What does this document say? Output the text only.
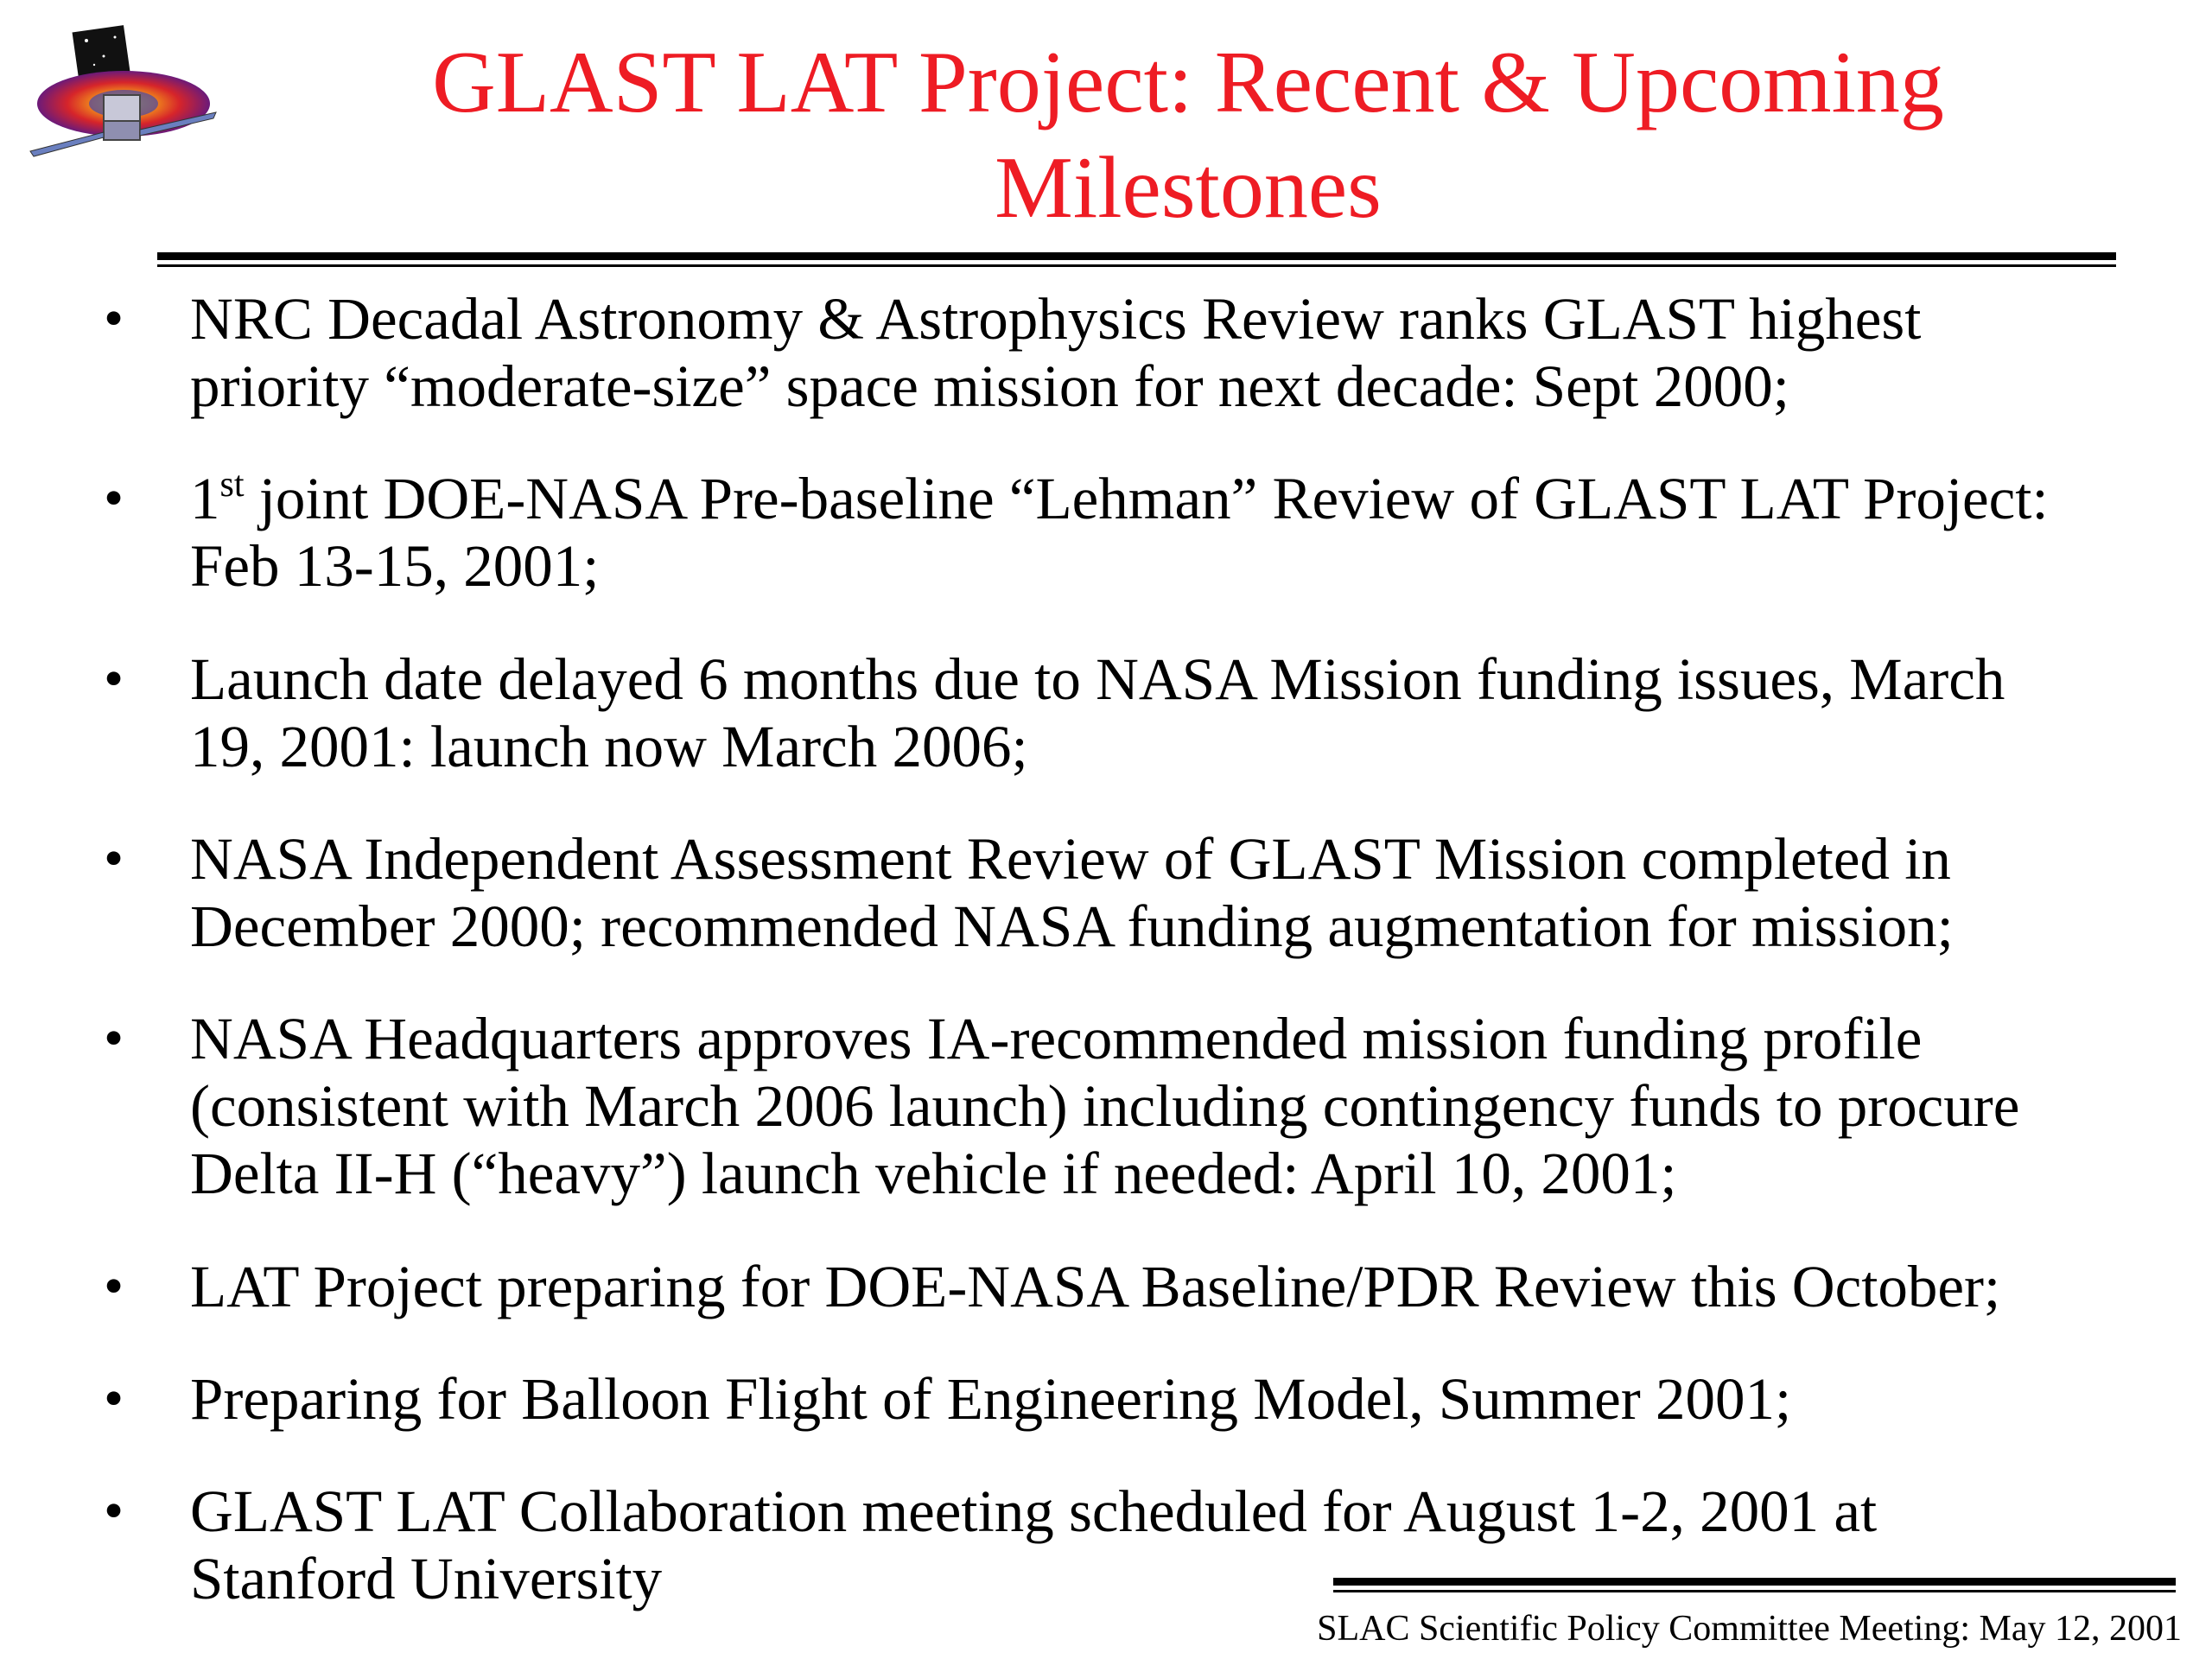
GLAST LAT Project: Recent & Upcoming Milestones
• NRC Decadal Astronomy & Astrophysics Review ranks GLAST highest
priority “moderate-size” space mission for next decade: Sept 2000;
• 1st joint DOE-NASA Pre-baseline “Lehman” Review of GLAST LAT Project:
Feb 13-15, 2001;
• Launch date delayed 6 months due to NASA Mission funding issues, March
19, 2001: launch now March 2006;
• NASA Independent Assessment Review of GLAST Mission completed in
December 2000; recommended NASA funding augmentation for mission;
• NASA Headquarters approves IA-recommended mission funding profile
(consistent with March 2006 launch) including contingency funds to procure
Delta II-H (“heavy”) launch vehicle if needed: April 10, 2001;
• LAT Project preparing for DOE-NASA Baseline/PDR Review this October;
• Preparing for Balloon Flight of Engineering Model, Summer 2001;
• GLAST LAT Collaboration meeting scheduled for August 1-2, 2001 at
Stanford University
SLAC Scientific Policy Committee Meeting: May 12, 2001
